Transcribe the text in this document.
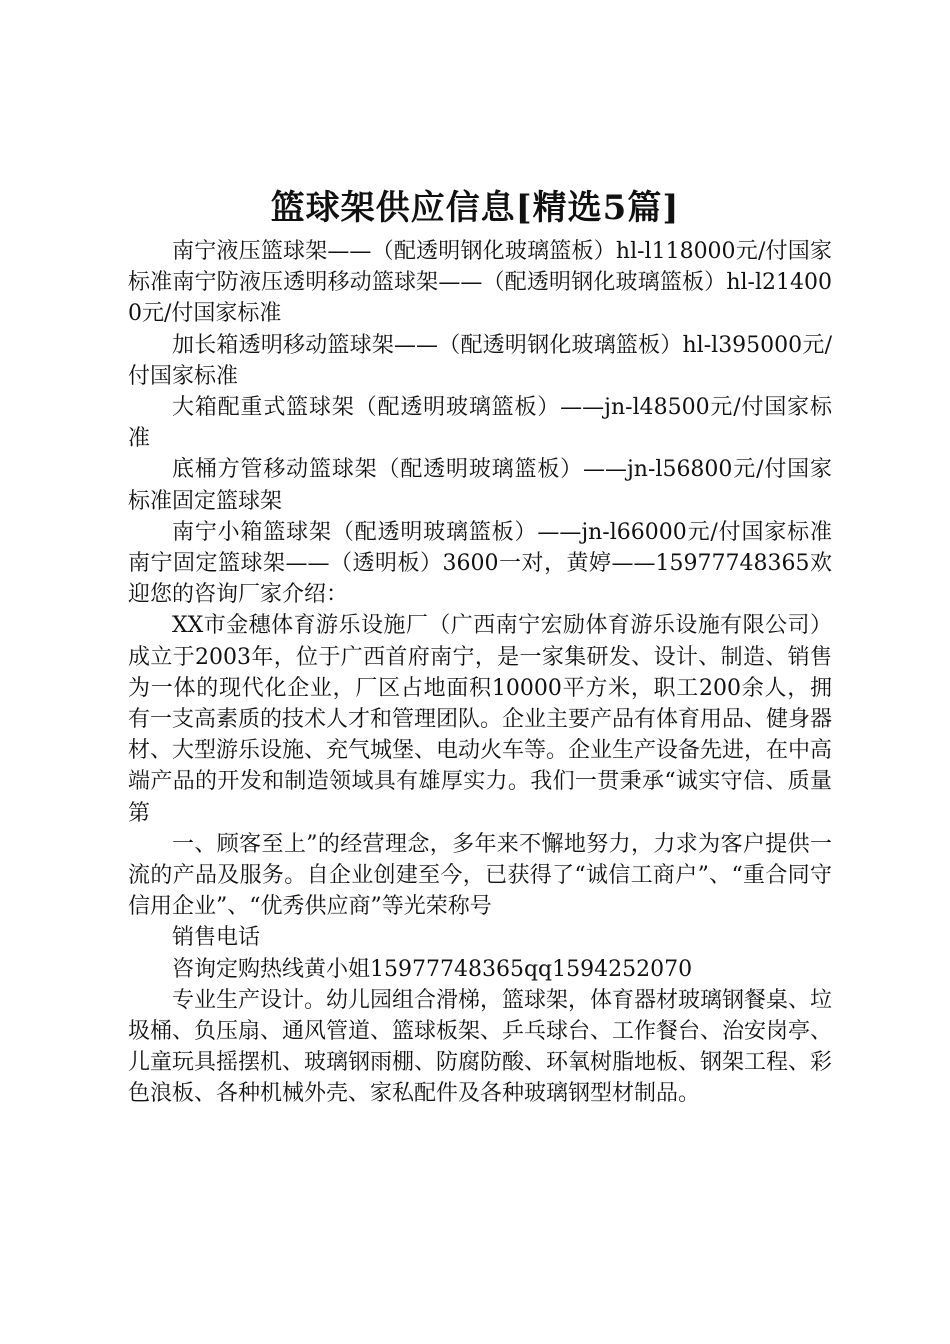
篮球架供应信息[精选5篇]

南宁液压篮球架——（配透明钢化玻璃篮板）hl-l118000元/付国家标准南宁防液压透明移动篮球架——（配透明钢化玻璃篮板）hl-l214000元/付国家标准

加长箱透明移动篮球架——（配透明钢化玻璃篮板）hl-l395000元/付国家标准

大箱配重式篮球架（配透明玻璃篮板）——jn-l48500元/付国家标准

底桶方管移动篮球架（配透明玻璃篮板）——jn-l56800元/付国家标准固定篮球架

南宁小箱篮球架（配透明玻璃篮板）——jn-l66000元/付国家标准南宁固定篮球架——（透明板）3600一对，黄婷——15977748365欢迎您的咨询厂家介绍：

XX市金穗体育游乐设施厂（广西南宁宏励体育游乐设施有限公司）成立于2003年，位于广西首府南宁，是一家集研发、设计、制造、销售为一体的现代化企业，厂区占地面积10000平方米，职工200余人，拥有一支高素质的技术人才和管理团队。企业主要产品有体育用品、健身器材、大型游乐设施、充气城堡、电动火车等。企业生产设备先进，在中高端产品的开发和制造领域具有雄厚实力。我们一贯秉承“诚实守信、质量第

一、顾客至上”的经营理念，多年来不懈地努力，力求为客户提供一流的产品及服务。自企业创建至今，已获得了“诚信工商户”、“重合同守信用企业”、“优秀供应商”等光荣称号

销售电话

咨询定购热线黄小姐15977748365qq1594252070

专业生产设计。幼儿园组合滑梯，篮球架，体育器材玻璃钢餐桌、垃圾桶、负压扇、通风管道、篮球板架、乒乓球台、工作餐台、治安岗亭、儿童玩具摇摆机、玻璃钢雨棚、防腐防酸、环氧树脂地板、钢架工程、彩色浪板、各种机械外壳、家私配件及各种玻璃钢型材制品。
